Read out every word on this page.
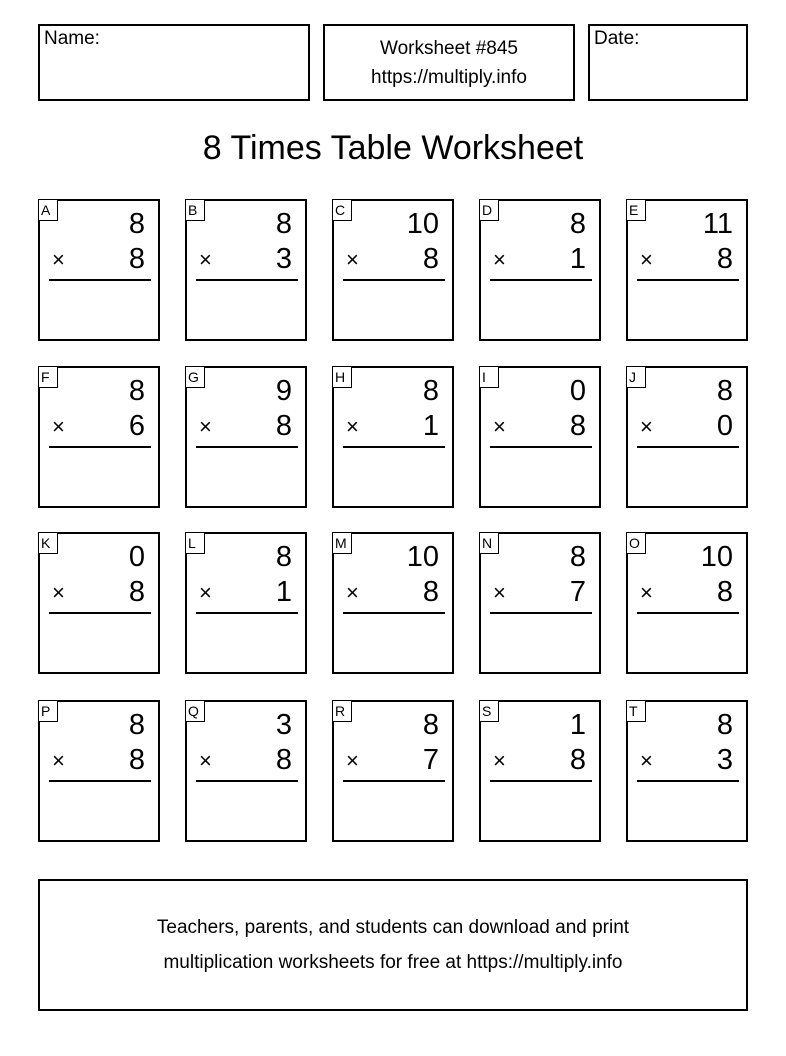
Name:	Worksheet #845
https://multiply.info
Date:
8 Times Table Worksheet
A	8
× 8
B	8
× 3
C 10
× 8
D	8
× 1
E 11
× 8
F	8
× 6
G	9
× 8
H	8
× 1
I	0
× 8
J	8
× 0
K	0
× 8
L	8
× 1
M 10
× 8
N	8
× 7
O 10
× 8
P	8
× 8
Q	3
× 8
R	8
× 7
S	1
× 8
T	8
× 3
Teachers, parents, and students can download and print
multiplication worksheets for free at https://multiply.info
